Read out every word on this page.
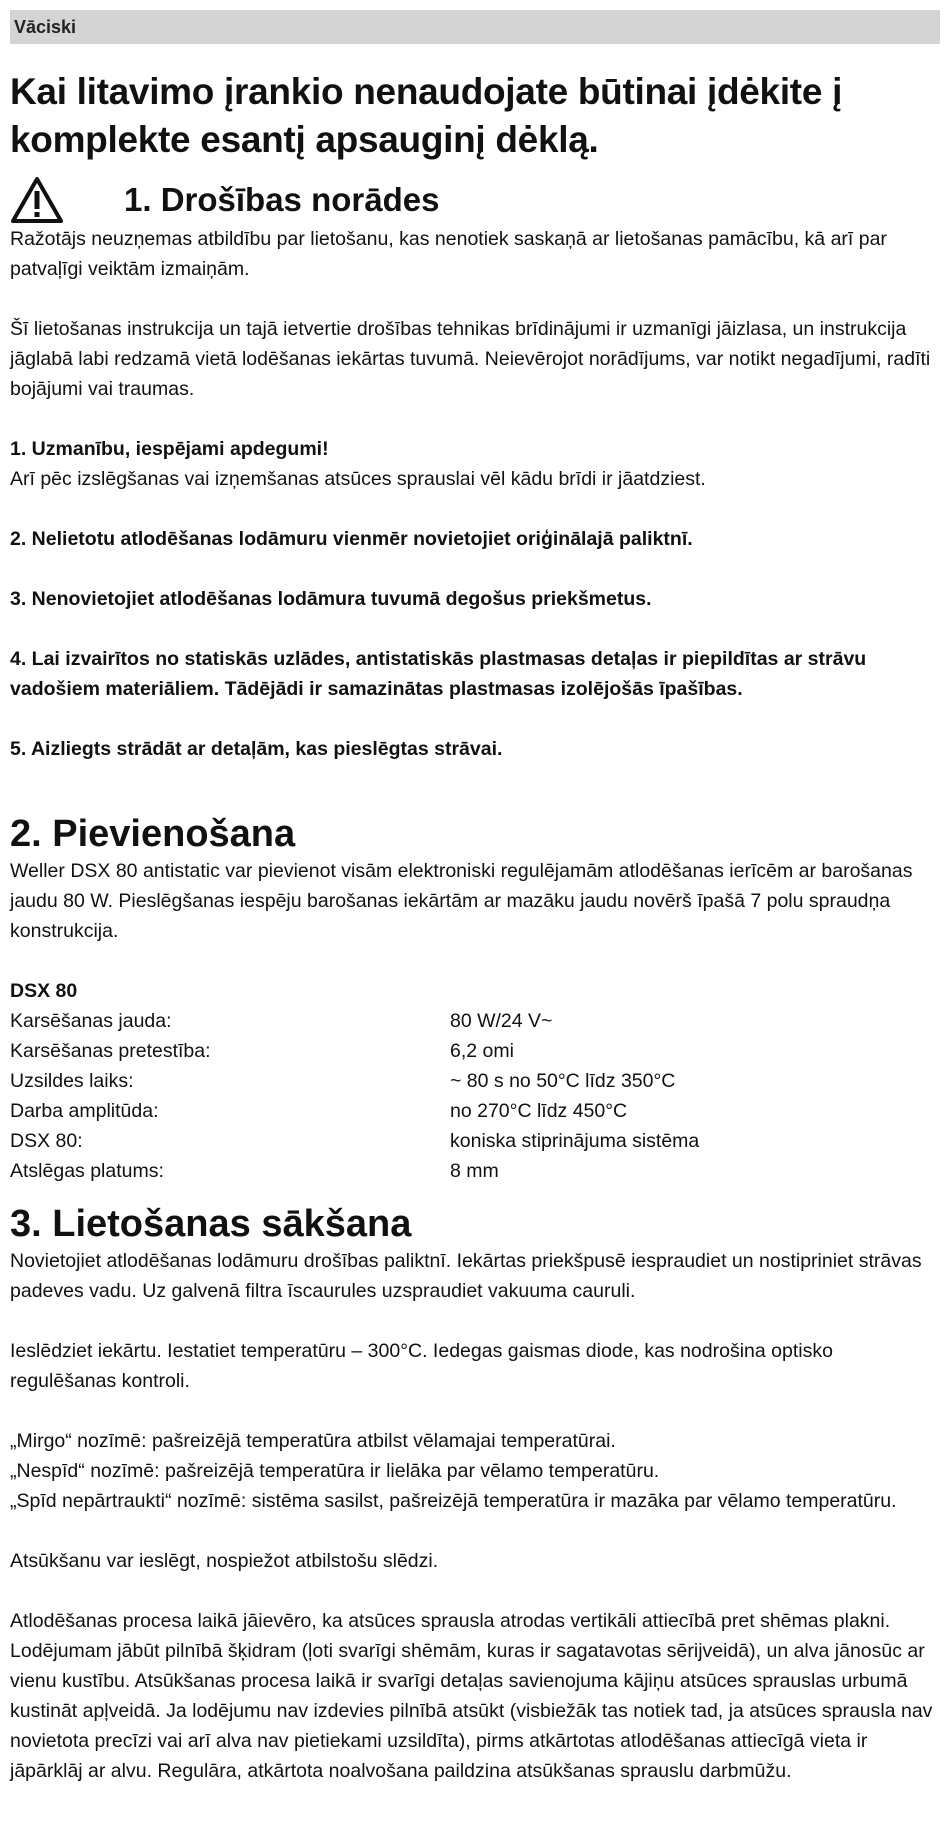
Vāciski
Kai litavimo įrankio nenaudojate būtinai įdėkite į komplekte esantį apsauginį dėklą.
1. Drošības norādes

Ražotājs neuzņemas atbildību par lietošanu, kas nenotiek saskaņā ar lietošanas pamācību, kā arī par patvaļīgi veiktām izmaiņām.

Šī lietošanas instrukcija un tajā ietvertie drošības tehnikas brīdinājumi ir uzmanīgi jāizlasa, un instrukcija jāglabā labi redzamā vietā lodēšanas iekārtas tuvumā. Neievērojot norādījums, var notikt negadījumi, radīti bojājumi vai traumas.

1. Uzmanību, iespējami apdegumi!

Arī pēc izslēgšanas vai izņemšanas atsūces sprauslai vēl kādu brīdi ir jāatdziest.

2. Nelietotu atlodēšanas lodāmuru vienmēr novietojiet oriģinālajā paliktnī.

3. Nenovietojiet atlodēšanas lodāmura tuvumā degošus priekšmetus.

4. Lai izvairītos no statiskās uzlādes, antistatiskās plastmasas detaļas ir piepildītas ar strāvu vadošiem materiāliem. Tādējādi ir samazinātas plastmasas izolējošās īpašības.

5. Aizliegts strādāt ar detaļām, kas pieslēgtas strāvai.

2. Pievienošana

Weller DSX 80 antistatic var pievienot visām elektroniski regulējamām atlodēšanas ierīcēm ar barošanas jaudu 80 W. Pieslēgšanas iespēju barošanas iekārtām ar mazāku jaudu novērš īpašā 7 polu spraudņa konstrukcija.

DSX 80

Karsēšanas jauda:	80 W/24 V~
Karsēšanas pretestība:	6,2 omi
Uzsildes laiks:	~ 80 s no 50°C līdz 350°C
Darba amplitūda:	no 270°C līdz 450°C
DSX 80:	koniska stiprinājuma sistēma
Atslēgas platums:	8 mm
3. Lietošanas sākšana

Novietojiet atlodēšanas lodāmuru drošības paliktnī. Iekārtas priekšpusē iespraudiet un nostipriniet strāvas padeves vadu. Uz galvenā filtra īscaurules uzspraudiet vakuuma cauruli.

Ieslēdziet iekārtu. Iestatiet temperatūru – 300°C. Iedegas gaismas diode, kas nodrošina optisko regulēšanas kontroli.

„Mirgo“ nozīmē: pašreizējā temperatūra atbilst vēlamajai temperatūrai.

„Nespīd“ nozīmē: pašreizējā temperatūra ir lielāka par vēlamo temperatūru.

„Spīd nepārtraukti“ nozīmē: sistēma sasilst, pašreizējā temperatūra ir mazāka par vēlamo temperatūru.

Atsūkšanu var ieslēgt, nospiežot atbilstošu slēdzi.

Atlodēšanas procesa laikā jāievēro, ka atsūces sprausla atrodas vertikāli attiecībā pret shēmas plakni. Lodējumam jābūt pilnībā šķidram (ļoti svarīgi shēmām, kuras ir sagatavotas sērijveidā), un alva jānosūc ar vienu kustību. Atsūkšanas procesa laikā ir svarīgi detaļas savienojuma kājiņu atsūces sprauslas urbumā kustināt apļveidā. Ja lodējumu nav izdevies pilnībā atsūkt (visbiežāk tas notiek tad, ja atsūces sprausla nav novietota precīzi vai arī alva nav pietiekami uzsildīta), pirms atkārtotas atlodēšanas attiecīgā vieta ir jāpārklāj ar alvu. Regulāra, atkārtota noalvošana paildzina atsūkšanas sprauslu darbmūžu.
